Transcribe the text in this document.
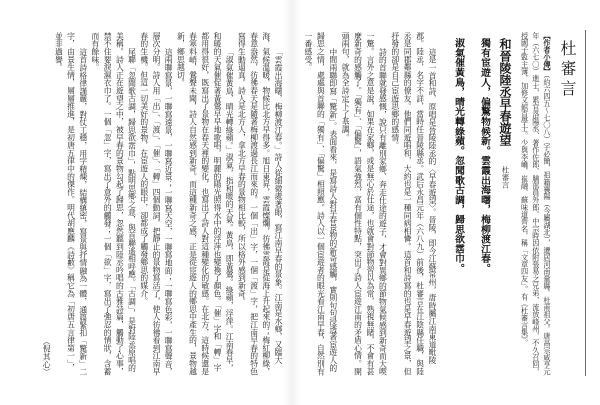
杜審言
【作者小傳】（約六四五～七〇八）字必簡，祖籍襄陽（今屬湖北），遷居河南鞏縣。杜甫祖父。唐高宗咸亨元年（六七〇）進士，累官洛陽丞、著作佐郎、膳部員外郎。中宗時因依附張易之兄弟，流放峰州，不久召回，授國子監主簿，加修文館直學士。少與李嶠、崔融、蘇味道齊名，稱「文章四友」。有《杜審言集》。
和晉陵陸丞早春遊望
杜審言
獨有宦遊人，偏驚物候新。雲霞出海曙，梅柳渡江春。
淑氣催黃鳥，晴光轉綠蘋。忽聞歌古調，歸思欲霑巾。

這是一首和詩，原唱是晉陵陸丞的〈早春遊望〉。晉陵，即今江蘇常州，唐時屬江南東道毗陵郡。陸丞，名字不詳，當時任晉陵縣丞。武后永昌元年（六八九）前後，杜審言在江陰縣任職，與陸丞是同郡鄰縣的僚友。他們同遊唱和，大約也是一種同病相憐。這首和詩寫的也是早春遊望之景，但抒發的卻是自己宦遊思鄉的感情。

詩的首聯就發感慨，說只有離別家鄉、奔走仕途的遊子，才會對異鄉的節物氣候感到新奇而大喫一驚。言外之意是說，如果在家鄉，或是無心於仕途，也就會對節物習以為常，熟視無睹，不會有甚麼新奇的感觸了。「獨有」、「偏驚」，語氣強烈，富有個性特點，突出了詩人宦遊江南的矛盾心情。開頭兩句，就為全詩定下了基調。

中間兩聯即寫「驚新」。表面看來，是寫詩人對早春景物的新奇感觸，實則句句浸透著宦遊人的歸思之情，處處與首聯的「獨有」、「偏驚」相照應。詩人以一個宦遊者的眼光看江南早春，自然別有一番感受。

「雲霞出海曙，梅柳渡江春。」詩人從細微處著眼，寫江南早春的景象。江南是水鄉，又臨大海，氣候溫暖，物候比北方早得多。旭日東昇，雲霞燦爛，彷彿雲霞是從海上升起來的；梅紅柳綠，春意盎然，彷彿春天是隨著梅柳渡過長江而來的。一個「出」字，一個「渡」字，把江南早春的特色寫得生動逼真。詩人是北方人，拿北方早春的景物相比較，所以格外感到新奇。

「淑氣催黃鳥，晴光轉綠蘋。」淑氣，指和暖的天氣。黃鳥，即黃鶯。綠蘋，浮萍。江南春早，和暖的天氣催促著黃鶯早早地歌唱，明麗的陽光照得水中的浮萍也變換了顏色。「催」字和「轉」字都用得很好，既寫出了景物在春天裡的變化，也寫出了詩人對這種變化的敏感。在北方，這時候還是春寒料峭，鶯聲未聞，詩人自然感到新奇。而這種新奇之感，正是從宦遊人的鄉思中產生的，景物越新，鄉思越切。

這兩聯寫景，一聯寫遠景，一聯寫近景；一聯寫天空，一聯寫地面；一聯寫色彩，一聯寫聲音，層次分明。詩人用「出」、「渡」、「催」、「轉」四個動詞，把靜止的景物寫活了，使人彷彿看到江南早春的生機。但這一切美好的景物，在宦遊人的眼中，卻都成了觸發鄉思的媒介。

尾聯「忽聞歌古調，歸思欲霑巾」，點明思鄉之意，與首聯遙相呼應。「古調」，是對陸丞原唱的美稱。詩人正在遊望之中，被早春的景物勾起了歸思，忽然聽到陸丞吟唱的古雅詩篇，觸動了心事，禁不住要淚濕衣巾了。一個「忽」字，寫出了意外的觸發；一個「欲」字，寫出了強忍的情狀，含蓄而有餘味。

這首詩格律謹嚴，對仗工穩，用字精煉，結構縝密，寫景與抒情融為一體，通篇緊扣「驚新」二字，由景生情，層層推進，是初唐五律中的傑作。明代胡應麟《詩藪》稱它為「初唐五言律第一」，並非過譽。

（倪其心）
